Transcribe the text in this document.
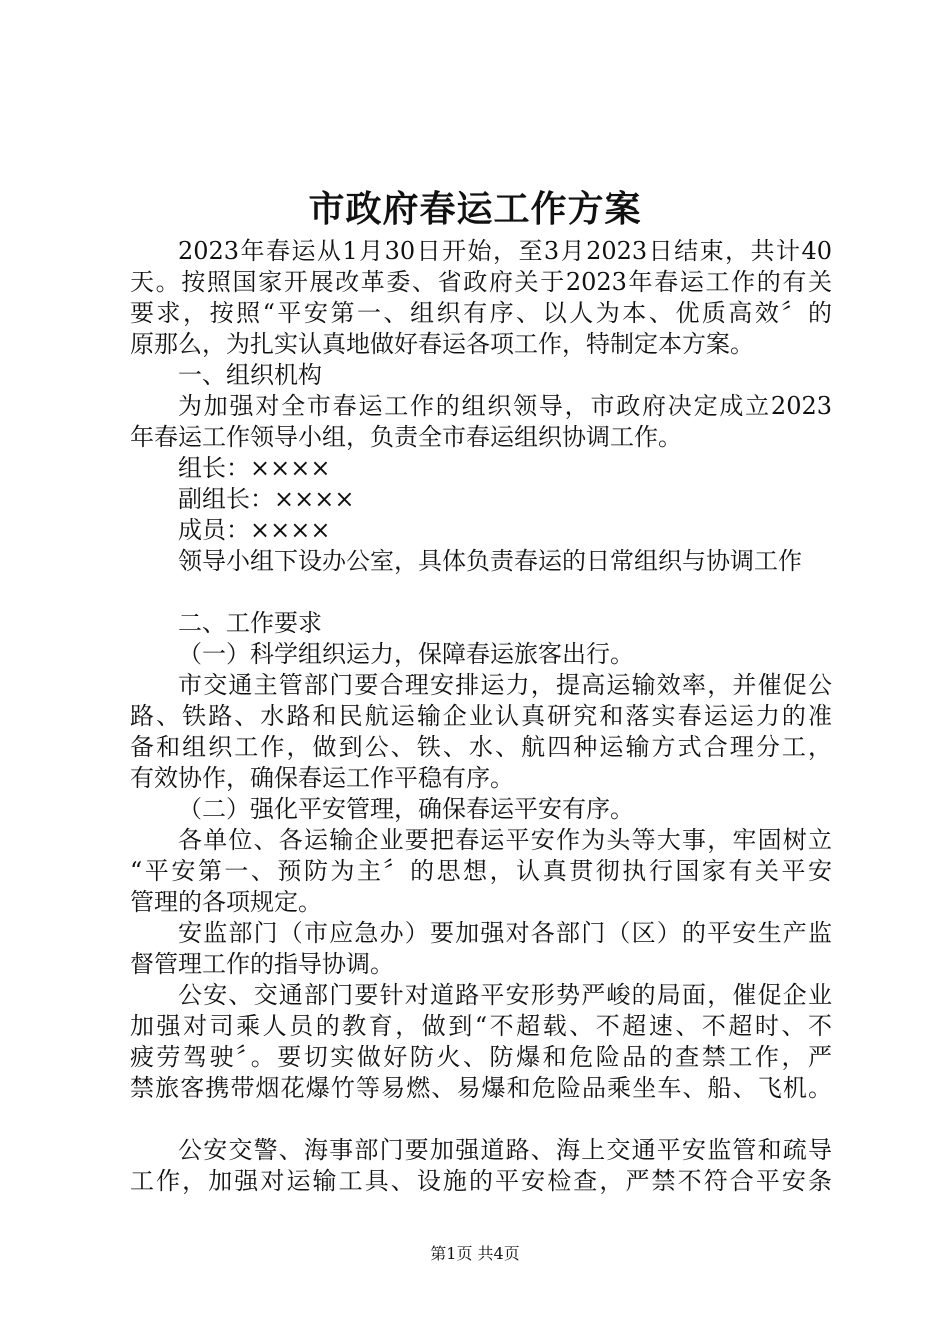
市政府春运工作方案
2023年春运从1月30日开始，至3月2023日结束，共计40
天。按照国家开展改革委、省政府关于2023年春运工作的有关
要求，按照“平安第一、组织有序、以人为本、优质高效〞的
原那么，为扎实认真地做好春运各项工作，特制定本方案。
一、组织机构
为加强对全市春运工作的组织领导，市政府决定成立2023
年春运工作领导小组，负责全市春运组织协调工作。
组长：××××
副组长：××××
成员：××××
领导小组下设办公室，具体负责春运的日常组织与协调工作
二、工作要求
（一）科学组织运力，保障春运旅客出行。
市交通主管部门要合理安排运力，提高运输效率，并催促公
路、铁路、水路和民航运输企业认真研究和落实春运运力的准
备和组织工作，做到公、铁、水、航四种运输方式合理分工，
有效协作，确保春运工作平稳有序。
（二）强化平安管理，确保春运平安有序。
各单位、各运输企业要把春运平安作为头等大事，牢固树立
“平安第一、预防为主〞的思想，认真贯彻执行国家有关平安
管理的各项规定。
安监部门（市应急办）要加强对各部门（区）的平安生产监
督管理工作的指导协调。
公安、交通部门要针对道路平安形势严峻的局面，催促企业
加强对司乘人员的教育，做到“不超载、不超速、不超时、不
疲劳驾驶〞。要切实做好防火、防爆和危险品的查禁工作，严
禁旅客携带烟花爆竹等易燃、易爆和危险品乘坐车、船、飞机。
公安交警、海事部门要加强道路、海上交通平安监管和疏导
工作，加强对运输工具、设施的平安检查，严禁不符合平安条
第1页 共4页
